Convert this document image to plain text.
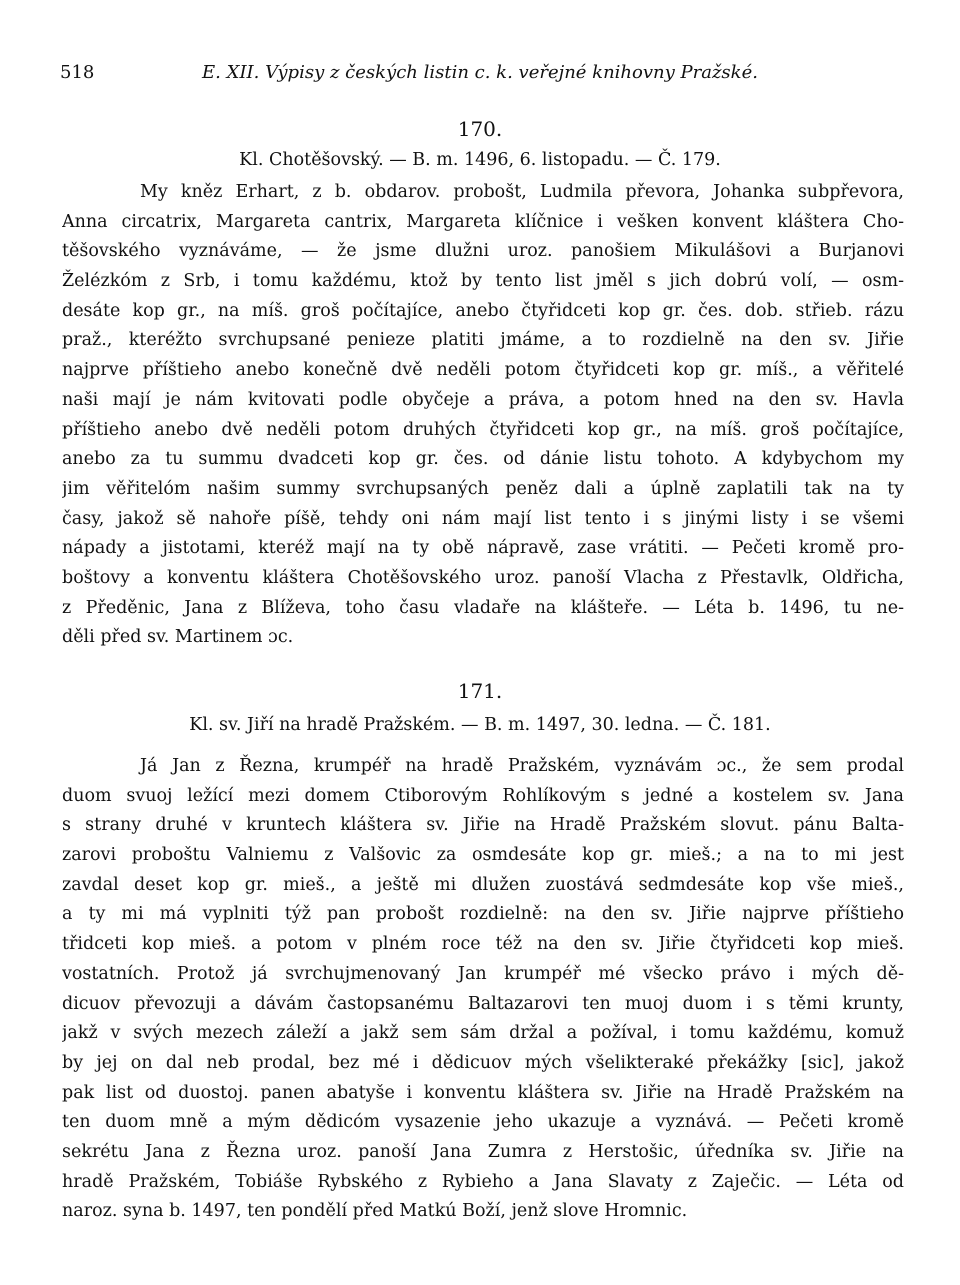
518	E. XII. Výpisy z českých listin c. k. veřejné knihovny Pražské.
170.
Kl. Chotěšovský. — B. m. 1496, 6. listopadu. — Č. 179.
My kněz Erhart, z b. obdarov. probošt, Ludmila převora, Johanka subpřevora,
Anna circatrix, Margareta cantrix, Margareta klíčnice i vešken konvent kláštera Cho-
těšovského vyznáváme, — že jsme dlužni uroz. panošiem Mikulášovi a Burjanovi
Želézkóm z Srb, i tomu každému, ktož by tento list jměl s jich dobrú volí, — osm-
desáte kop gr., na míš. groš počítajíce, anebo čtyřidceti kop gr. čes. dob. střieb. rázu
praž., kteréžto svrchupsané penieze platiti jmáme, a to rozdielně na den sv. Jiřie
najprve příštieho anebo konečně dvě neděli potom čtyřidceti kop gr. míš., a věřitelé
naši mají je nám kvitovati podle obyčeje a práva, a potom hned na den sv. Havla
příštieho anebo dvě neděli potom druhých čtyřidceti kop gr., na míš. groš počítajíce,
anebo za tu summu dvadceti kop gr. čes. od dánie listu tohoto. A kdybychom my
jim věřitelóm našim summy svrchupsaných peněz dali a úplně zaplatili tak na ty
časy, jakož sě nahoře píšě, tehdy oni nám mají list tento i s jinými listy i se všemi
nápady a jistotami, kteréž mají na ty obě nápravě, zase vrátiti. — Pečeti kromě pro-
boštovy a konventu kláštera Chotěšovského uroz. panoší Vlacha z Přestavlk, Oldřicha,
z Předěnic, Jana z Blíževa, toho času vladaře na klášteře. — Léta b. 1496, tu ne-
děli před sv. Martinem ɔc.
171.
Kl. sv. Jiří na hradě Pražském. — B. m. 1497, 30. ledna. — Č. 181.
Já Jan z Řezna, krumpéř na hradě Pražském, vyznávám ɔc., že sem prodal
duom svuoj ležící mezi domem Ctiborovým Rohlíkovým s jedné a kostelem sv. Jana
s strany druhé v kruntech kláštera sv. Jiřie na Hradě Pražském slovut. pánu Balta-
zarovi proboštu Valniemu z Valšovic za osmdesáte kop gr. mieš.; a na to mi jest
zavdal deset kop gr. mieš., a ještě mi dlužen zuostává sedmdesáte kop vše mieš.,
a ty mi má vyplniti týž pan probošt rozdielně: na den sv. Jiřie najprve příštieho
třidceti kop mieš. a potom v plném roce též na den sv. Jiřie čtyřidceti kop mieš.
vostatních. Protož já svrchujmenovaný Jan krumpéř mé všecko právo i mých dě-
dicuov převozuji a dávám častopsanému Baltazarovi ten muoj duom i s těmi krunty,
jakž v svých mezech záleží a jakž sem sám držal a požíval, i tomu každému, komuž
by jej on dal neb prodal, bez mé i dědicuov mých všelikteraké překážky [sic], jakož
pak list od duostoj. panen abatyše i konventu kláštera sv. Jiřie na Hradě Pražském na
ten duom mně a mým dědicóm vysazenie jeho ukazuje a vyznává. — Pečeti kromě
sekrétu Jana z Řezna uroz. panoší Jana Zumra z Herstošic, úředníka sv. Jiřie na
hradě Pražském, Tobiáše Rybského z Rybieho a Jana Slavaty z Zaječic. — Léta od
naroz. syna b. 1497, ten pondělí před Matkú Boží, jenž slove Hromnic.
